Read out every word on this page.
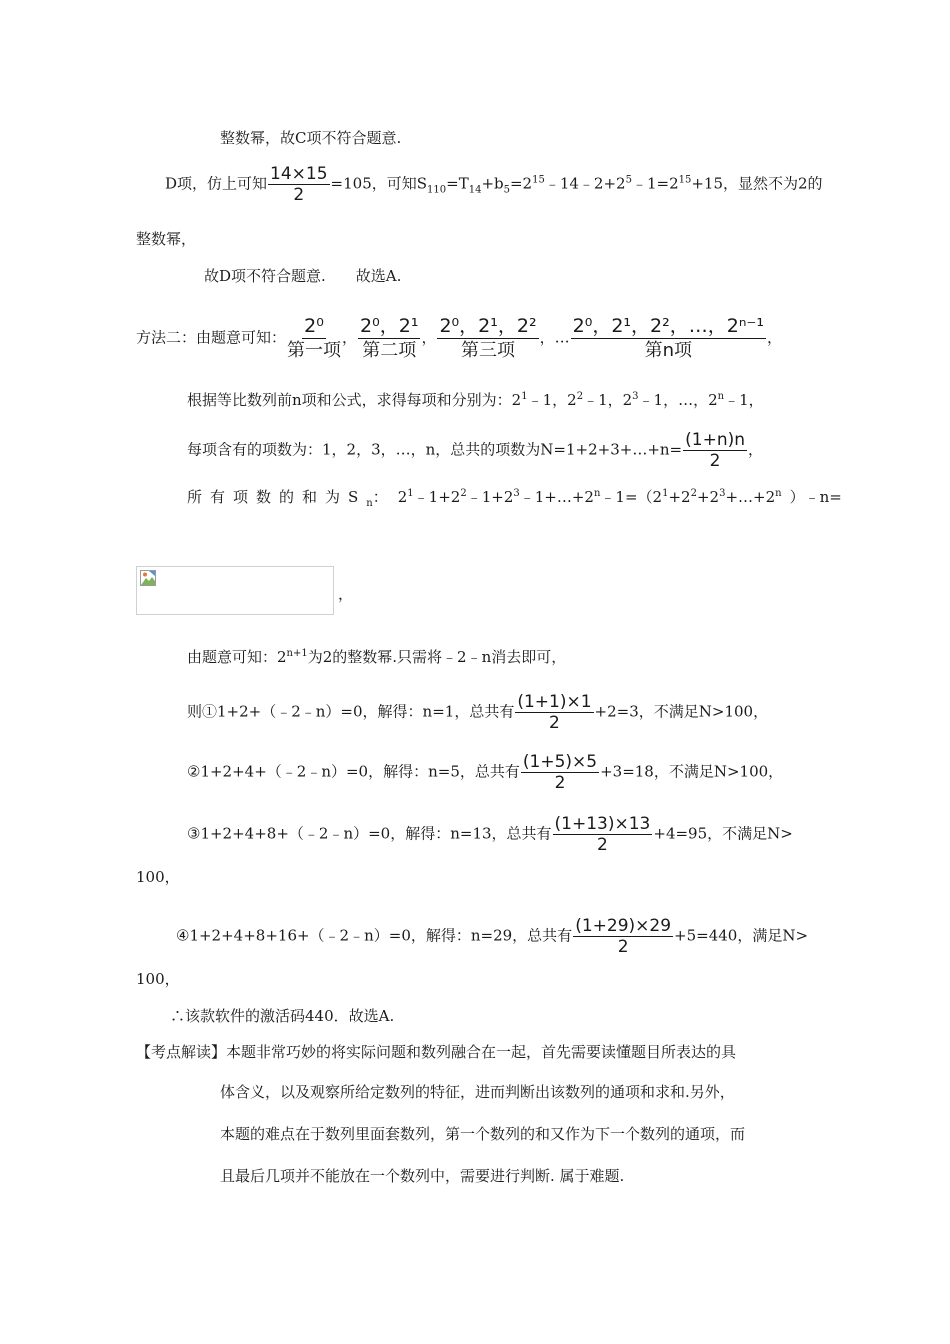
整数幂，故C项不符合题意.
D项，仿上可知 $\frac{14\times 15}{2} =105$，可知$S_{110}=T_{14}+b_5=2^{15}﹣14﹣2+2^5﹣1=2^{15}+15$，显然不为2的
整数幂，
故D项不符合题意.　　故选A.
方法二：由题意可知： $\frac{\text{2⁰}}{\text{第一项}}$ ， $\frac{\text{2⁰，2¹}}{\text{第二项}}$ ， $\frac{\text{2⁰，2¹，2²}}{\text{第三项}}$ ，… $\frac{\text{2⁰，2¹，2²，…，2ⁿ⁻¹}}{\text{第n项}}$ ，
根据等比数列前n项和公式，求得每项和分别为：$2^1﹣1$，$2^2﹣1$，$2^3﹣1$，…，2$^n$﹣1，
每项含有的项数为：1，2，3，…，n，总共的项数为N=1+2+3+…+n= $\frac{(1+n)n}{2}$ ，
所有项数的和为$S_n$： $2^1﹣1+2^2﹣1+2^3﹣1+\dots+2^n﹣1=(2^1+2^2+2^3+\dots+2^n$ ）﹣n=
，
由题意可知：$2^{n+1}$为2的整数幂.只需将﹣2﹣n消去即可，
则①1+2+（﹣2﹣n）=0，解得：n=1，总共有 $\frac{(1+1)\times 1}{2} +2=3$，不满足N>100，
②1+2+4+（﹣2﹣n）=0，解得：n=5，总共有 $\frac{(1+5)\times 5}{2} +3=18$，不满足N>100，
③1+2+4+8+（﹣2﹣n）=0，解得：n=13，总共有 $\frac{(1+13)\times 13}{2} +4=95$，不满足N>
100，
④1+2+4+8+16+（﹣2﹣n）=0，解得：n=29，总共有 $\frac{(1+29)\times 29}{2} +5=440$，满足N>
100，
∴该款软件的激活码440．故选A.
【考点解读】本题非常巧妙的将实际问题和数列融合在一起，首先需要读懂题目所表达的具
体含义，以及观察所给定数列的特征，进而判断出该数列的通项和求和.另外，
本题的难点在于数列里面套数列，第一个数列的和又作为下一个数列的通项，而
且最后几项并不能放在一个数列中，需要进行判断. 属于难题.
